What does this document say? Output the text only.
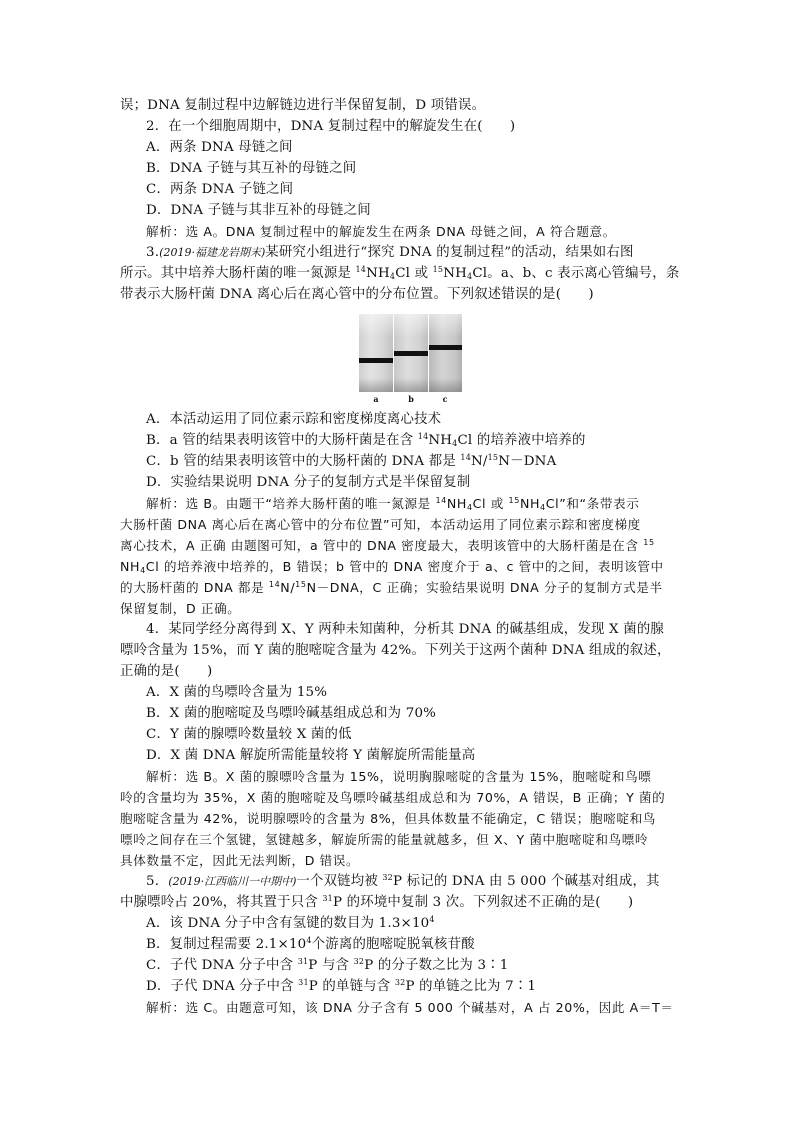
误；DNA 复制过程中边解链边进行半保留复制，D 项错误。
2．在一个细胞周期中，DNA 复制过程中的解旋发生在(　　)
A．两条 DNA 母链之间
B．DNA 子链与其互补的母链之间
C．两条 DNA 子链之间
D．DNA 子链与其非互补的母链之间
解析：选 A。DNA 复制过程中的解旋发生在两条 DNA 母链之间，A 符合题意。
3.(2019·福建龙岩期末)某研究小组进行“探究 DNA 的复制过程”的活动，结果如右图
所示。其中培养大肠杆菌的唯一氮源是 $^{14}NH_4Cl$ 或 $^{15}NH_4Cl$。a、b、c 表示离心管编号，条
带表示大肠杆菌 DNA 离心后在离心管中的分布位置。下列叙述错误的是(　　)
a	b	c
A．本活动运用了同位素示踪和密度梯度离心技术
B．a 管的结果表明该管中的大肠杆菌是在含 $^{14}NH_4Cl$ 的培养液中培养的
C．b 管的结果表明该管中的大肠杆菌的 DNA 都是 $^{14}$N/$^{15}$N－DNA
D．实验结果说明 DNA 分子的复制方式是半保留复制
解析：选 B。由题干“培养大肠杆菌的唯一氮源是 $^{14}NH_4Cl$ 或 $^{15}NH_4Cl$”和“条带表示
大肠杆菌 DNA 离心后在离心管中的分布位置”可知，本活动运用了同位素示踪和密度梯度
离心技术，A 正确 由题图可知，a 管中的 DNA 密度最大，表明该管中的大肠杆菌是在含 $^{15}$
$NH_4Cl$ 的培养液中培养的，B 错误；b 管中的 DNA 密度介于 a、c 管中的之间，表明该管中
的大肠杆菌的 DNA 都是 $^{14}$N/$^{15}$N－DNA，C 正确；实验结果说明 DNA 分子的复制方式是半
保留复制，D 正确。
4．某同学经分离得到 X、Y 两种未知菌种，分析其 DNA 的碱基组成，发现 X 菌的腺
嘌呤含量为 15%，而 Y 菌的胞嘧啶含量为 42%。下列关于这两个菌种 DNA 组成的叙述，
正确的是(　　)
A．X 菌的鸟嘌呤含量为 15%
B．X 菌的胞嘧啶及鸟嘌呤碱基组成总和为 70%
C．Y 菌的腺嘌呤数量较 X 菌的低
D．X 菌 DNA 解旋所需能量较将 Y 菌解旋所需能量高
解析：选 B。X 菌的腺嘌呤含量为 15%，说明胸腺嘧啶的含量为 15%，胞嘧啶和鸟嘌
呤的含量均为 35%，X 菌的胞嘧啶及鸟嘌呤碱基组成总和为 70%，A 错误，B 正确；Y 菌的
胞嘧啶含量为 42%，说明腺嘌呤的含量为 8%，但具体数量不能确定，C 错误；胞嘧啶和鸟
嘌呤之间存在三个氢键，氢键越多，解旋所需的能量就越多，但 X、Y 菌中胞嘧啶和鸟嘌呤
具体数量不定，因此无法判断，D 错误。
5．(2019·江西临川一中期中)一个双链均被 $^{32}$P 标记的 DNA 由 5 000 个碱基对组成，其
中腺嘌呤占 20%，将其置于只含 $^{31}$P 的环境中复制 3 次。下列叙述不正确的是(　　)
A．该 DNA 分子中含有氢键的数目为 $1.3\times 10^4$
B．复制过程需要 $2.1\times 10^4$个游离的胞嘧啶脱氧核苷酸
C．子代 DNA 分子中含 $^{31}$P 与含 $^{32}$P 的分子数之比为 3∶1
D．子代 DNA 分子中含 $^{31}$P 的单链与含 $^{32}$P 的单链之比为 7∶1
解析：选 C。由题意可知，该 DNA 分子含有 5 000 个碱基对，A 占 20%，因此 A＝T＝
